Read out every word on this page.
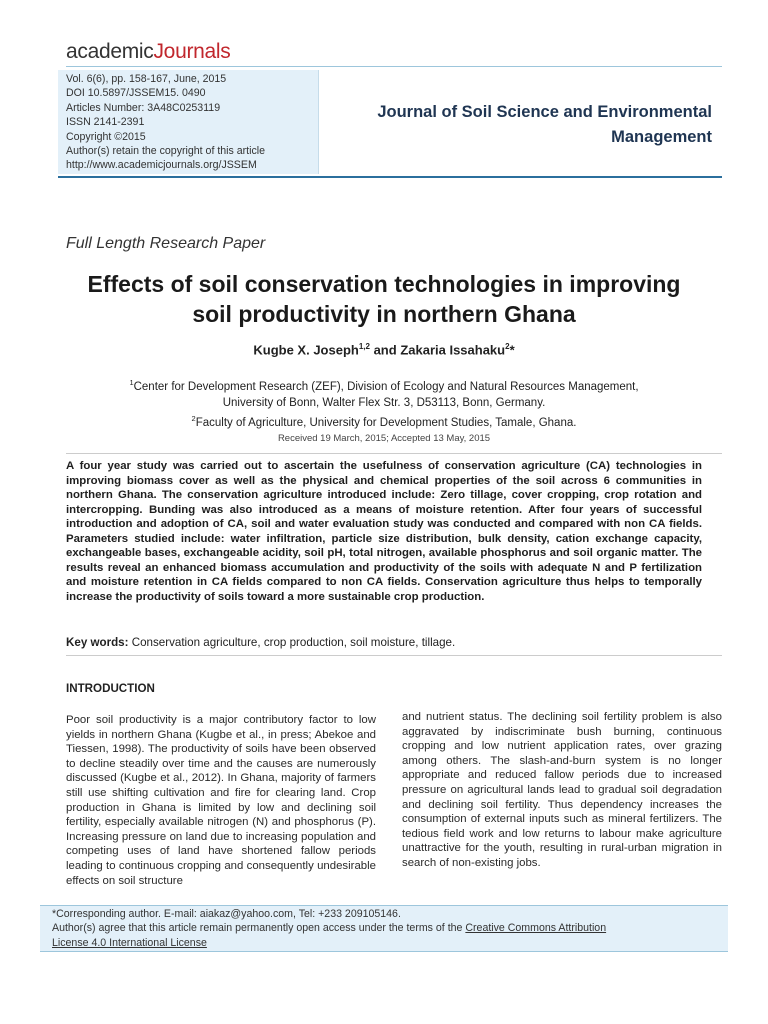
academicJournals
Vol. 6(6), pp. 158-167, June, 2015
DOI 10.5897/JSSEM15. 0490
Articles Number: 3A48C0253119
ISSN 2141-2391
Copyright ©2015
Author(s) retain the copyright of this article
http://www.academicjournals.org/JSSEM
Journal of Soil Science and Environmental
Management
Full Length Research Paper
Effects of soil conservation technologies in improving
soil productivity in northern Ghana
Kugbe X. Joseph$^{1,2}$ and Zakaria Issahaku$^2$*
$^1$Center for Development Research (ZEF), Division of Ecology and Natural Resources Management,
University of Bonn, Walter Flex Str. 3, D53113, Bonn, Germany.
$^2$Faculty of Agriculture, University for Development Studies, Tamale, Ghana.
Received 19 March, 2015; Accepted 13 May, 2015
A four year study was carried out to ascertain the usefulness of conservation agriculture (CA) technologies in improving biomass cover as well as the physical and chemical properties of the soil across 6 communities in northern Ghana. The conservation agriculture introduced include: Zero tillage, cover cropping, crop rotation and intercropping. Bunding was also introduced as a means of moisture retention. After four years of successful introduction and adoption of CA, soil and water evaluation study was conducted and compared with non CA fields. Parameters studied include: water infiltration, particle size distribution, bulk density, cation exchange capacity, exchangeable bases, exchangeable acidity, soil pH, total nitrogen, available phosphorus and soil organic matter. The results reveal an enhanced biomass accumulation and productivity of the soils with adequate N and P fertilization and moisture retention in CA fields compared to non CA fields. Conservation agriculture thus helps to temporally increase the productivity of soils toward a more sustainable crop production.
Key words: Conservation agriculture, crop production, soil moisture, tillage.
INTRODUCTION
Poor soil productivity is a major contributory factor to low yields in northern Ghana (Kugbe et al., in press; Abekoe and Tiessen, 1998). The productivity of soils have been observed to decline steadily over time and the causes are numerously discussed (Kugbe et al., 2012). In Ghana, majority of farmers still use shifting cultivation and fire for clearing land. Crop production in Ghana is limited by low and declining soil fertility, especially available nitrogen (N) and phosphorus (P). Increasing pressure on land due to increasing population and competing uses of land have shortened fallow periods leading to continuous cropping and consequently undesirable effects on soil structure
and nutrient status. The declining soil fertility problem is also aggravated by indiscriminate bush burning, continuous cropping and low nutrient application rates, over grazing among others. The slash-and-burn system is no longer appropriate and reduced fallow periods due to increased pressure on agricultural lands lead to gradual soil degradation and declining soil fertility. Thus dependency increases the consumption of external inputs such as mineral fertilizers. The tedious field work and low returns to labour make agriculture unattractive for the youth, resulting in rural-urban migration in search of non-existing jobs.
*Corresponding author. E-mail: aiakaz@yahoo.com, Tel: +233 209105146.
Author(s) agree that this article remain permanently open access under the terms of the Creative Commons Attribution
License 4.0 International License
